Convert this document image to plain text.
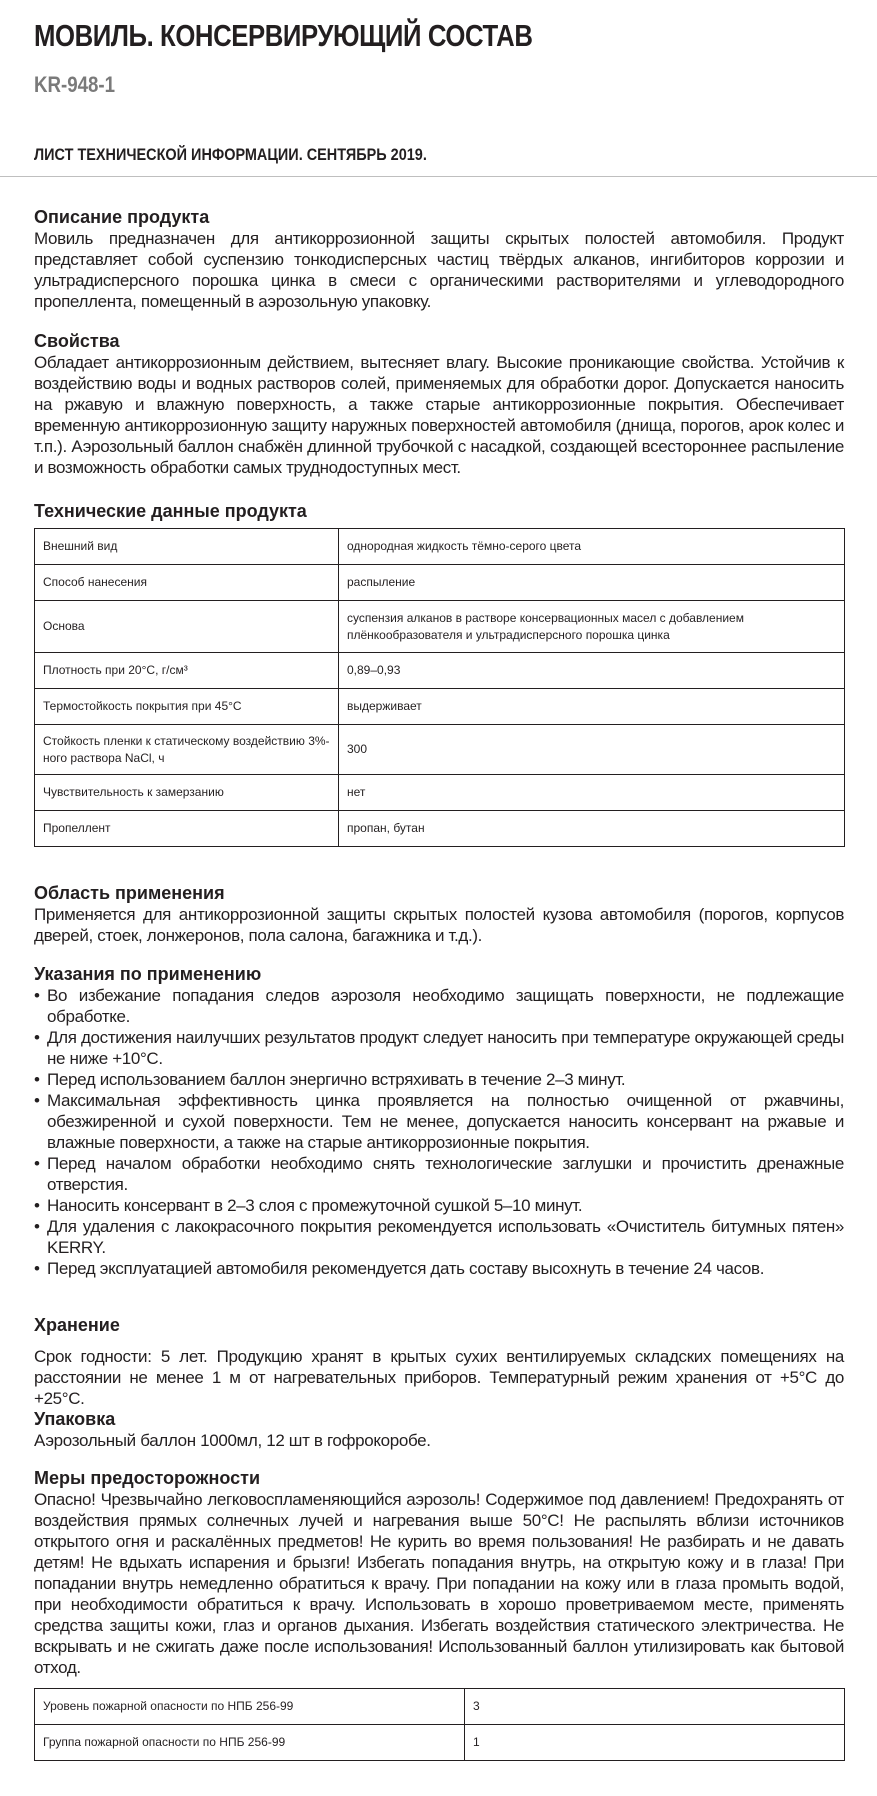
МОВИЛЬ. КОНСЕРВИРУЮЩИЙ СОСТАВ
KR-948-1
ЛИСТ ТЕХНИЧЕСКОЙ ИНФОРМАЦИИ. СЕНТЯБРЬ 2019.
Описание продукта
Мовиль предназначен для антикоррозионной защиты скрытых полостей автомобиля. Продукт представляет собой суспензию тонкодисперсных частиц твёрдых алканов, ингибиторов коррозии и ультрадисперсного порошка цинка в смеси с органическими растворителями и углеводородного пропеллента, помещенный в аэрозольную упаковку.
Свойства
Обладает антикоррозионным действием, вытесняет влагу. Высокие проникающие свойства. Устойчив к воздействию воды и водных растворов солей, применяемых для обработки дорог. Допускается наносить на ржавую и влажную поверхность, а также старые антикоррозионные покрытия. Обеспечивает временную антикоррозионную защиту наружных поверхностей автомобиля (днища, порогов, арок колес и т.п.). Аэрозольный баллон снабжён длинной трубочкой с насадкой, создающей всестороннее распыление и возможность обработки самых труднодоступных мест.
Технические данные продукта
Внешний вид	однородная жидкость тёмно-серого цвета
Способ нанесения	распыление
Основа	суспензия алканов в растворе консервационных масел с добавлением плёнкообразователя и ультрадисперсного порошка цинка
Плотность при 20°С, г/см³	0,89–0,93
Термостойкость покрытия при 45°С	выдерживает
Стойкость пленки к статическому воздействию 3%-ного раствора NaCl, ч	300
Чувствительность к замерзанию	нет
Пропеллент	пропан, бутан
Область применения
Применяется для антикоррозионной защиты скрытых полостей кузова автомобиля (порогов, корпусов дверей, стоек, лонжеронов, пола салона, багажника и т.д.).
Указания по применению
• Во избежание попадания следов аэрозоля необходимо защищать поверхности, не подлежащие обработке.
• Для достижения наилучших результатов продукт следует наносить при температуре окружающей среды не ниже +10°С.
• Перед использованием баллон энергично встряхивать в течение 2–3 минут.
• Максимальная эффективность цинка проявляется на полностью очищенной от ржавчины, обезжиренной и сухой поверхности. Тем не менее, допускается наносить консервант на ржавые и влажные поверхности, а также на старые антикоррозионные покрытия.
• Перед началом обработки необходимо снять технологические заглушки и прочистить дренажные отверстия.
• Наносить консервант в 2–3 слоя с промежуточной сушкой 5–10 минут.
• Для удаления с лакокрасочного покрытия рекомендуется использовать «Очиститель битумных пятен» KERRY.
• Перед эксплуатацией автомобиля рекомендуется дать составу высохнуть в течение 24 часов.
Хранение
Срок годности: 5 лет. Продукцию хранят в крытых сухих вентилируемых складских помещениях на расстоянии не менее 1 м от нагревательных приборов. Температурный режим хранения от +5°С до +25°С.
Упаковка
Аэрозольный баллон 1000мл, 12 шт в гофрокоробе.
Меры предосторожности
Опасно! Чрезвычайно легковоспламеняющийся аэрозоль! Содержимое под давлением! Предохранять от воздействия прямых солнечных лучей и нагревания выше 50°С! Не распылять вблизи источников открытого огня и раскалённых предметов! Не курить во время пользования! Не разбирать и не давать детям! Не вдыхать испарения и брызги! Избегать попадания внутрь, на открытую кожу и в глаза! При попадании внутрь немедленно обратиться к врачу. При попадании на кожу или в глаза промыть водой, при необходимости обратиться к врачу. Использовать в хорошо проветриваемом месте, применять средства защиты кожи, глаз и органов дыхания. Избегать воздействия статического электричества. Не вскрывать и не сжигать даже после использования! Использованный баллон утилизировать как бытовой отход.
Уровень пожарной опасности по НПБ 256-99	3
Группа пожарной опасности по НПБ 256-99	1
